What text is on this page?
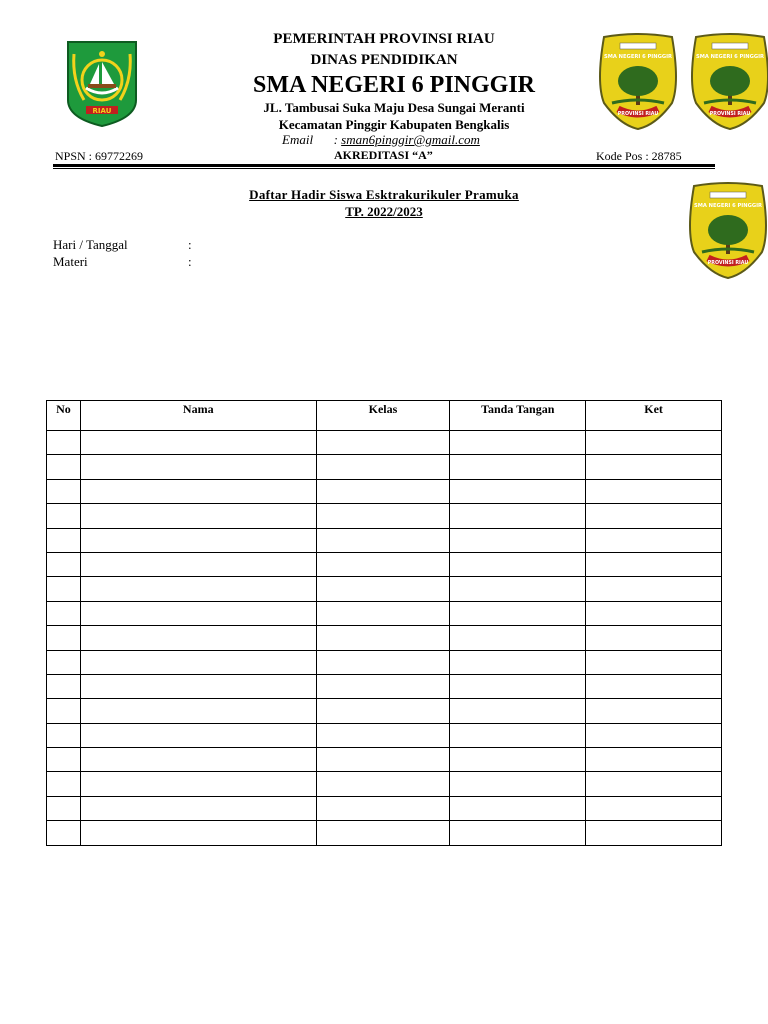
RIAU
SMA NEGERI 6 PINGGIR
PROVINSI RIAU
SMA NEGERI 6 PINGGIR
PROVINSI RIAU
SMA NEGERI 6 PINGGIR
PROVINSI RIAU
PEMERINTAH PROVINSI RIAU
DINAS PENDIDIKAN
SMA NEGERI 6 PINGGIR
JL. Tambusai Suka Maju Desa Sungai Meranti
Kecamatan Pinggir Kabupaten Bengkalis
Email : sman6pinggir@gmail.com
NPSN : 69772269	AKREDITASI “A”	Kode Pos : 28785
Daftar Hadir Siswa Esktrakurikuler Pramuka
TP. 2022/2023
Hari / Tanggal	:
Materi	:
No	Nama	Kelas	Tanda Tangan	Ket
